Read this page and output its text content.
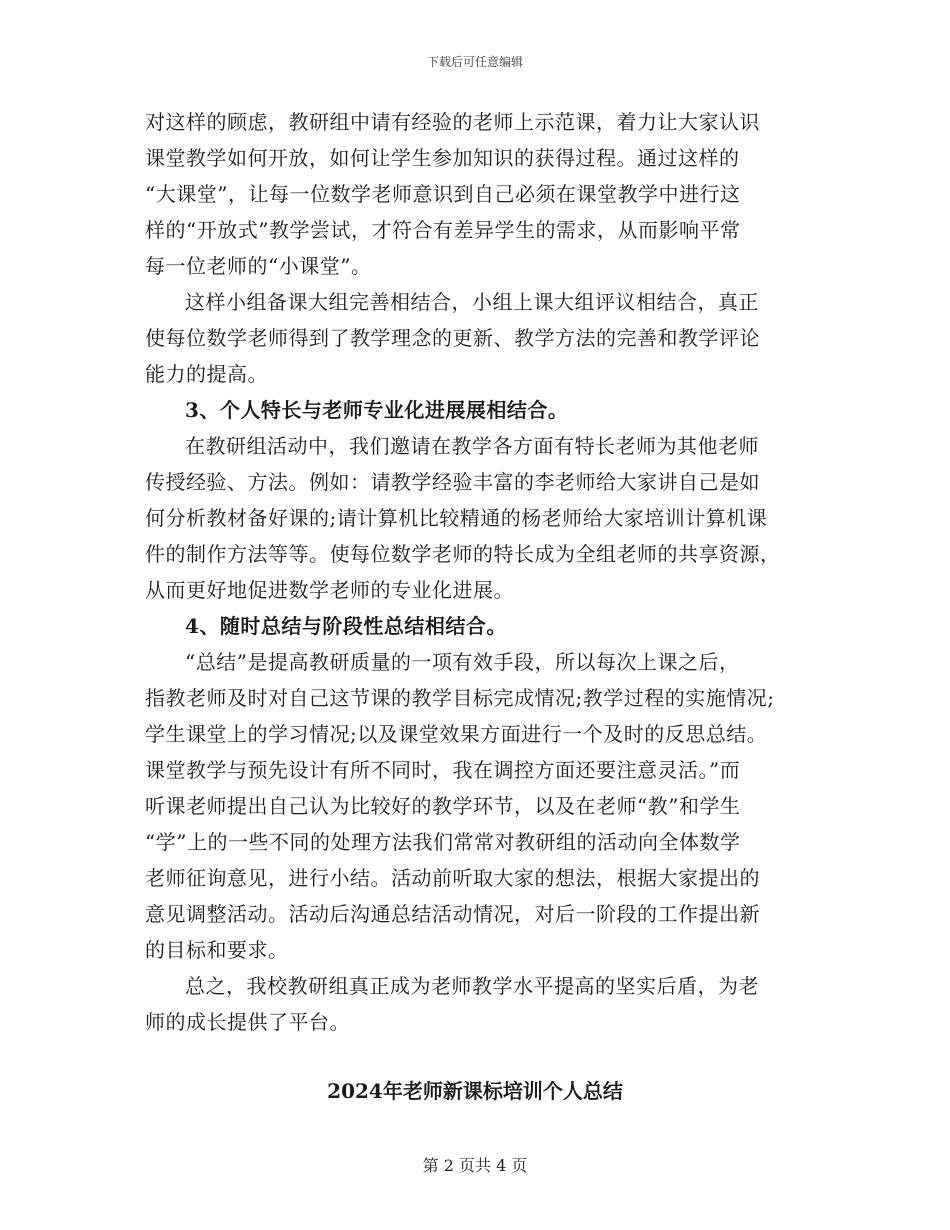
下载后可任意编辑
对这样的顾虑，教研组中请有经验的老师上示范课，着力让大家认识
课堂教学如何开放，如何让学生参加知识的获得过程。通过这样的
“大课堂”，让每一位数学老师意识到自己必须在课堂教学中进行这
样的“开放式”教学尝试，才符合有差异学生的需求，从而影响平常
每一位老师的“小课堂”。
这样小组备课大组完善相结合，小组上课大组评议相结合，真正
使每位数学老师得到了教学理念的更新、教学方法的完善和教学评论
能力的提高。
3、个人特长与老师专业化进展展相结合。
在教研组活动中，我们邀请在教学各方面有特长老师为其他老师
传授经验、方法。例如：请教学经验丰富的李老师给大家讲自己是如
何分析教材备好课的;请计算机比较精通的杨老师给大家培训计算机课
件的制作方法等等。使每位数学老师的特长成为全组老师的共享资源，
从而更好地促进数学老师的专业化进展。
4、随时总结与阶段性总结相结合。
“总结”是提高教研质量的一项有效手段，所以每次上课之后，
指教老师及时对自己这节课的教学目标完成情况;教学过程的实施情况;
学生课堂上的学习情况;以及课堂效果方面进行一个及时的反思总结。
课堂教学与预先设计有所不同时，我在调控方面还要注意灵活。”而
听课老师提出自己认为比较好的教学环节，以及在老师“教”和学生
“学”上的一些不同的处理方法我们常常对教研组的活动向全体数学
老师征询意见，进行小结。活动前听取大家的想法，根据大家提出的
意见调整活动。活动后沟通总结活动情况，对后一阶段的工作提出新
的目标和要求。
总之，我校教研组真正成为老师教学水平提高的坚实后盾，为老
师的成长提供了平台。
2024年老师新课标培训个人总结
第 2 页共 4 页
